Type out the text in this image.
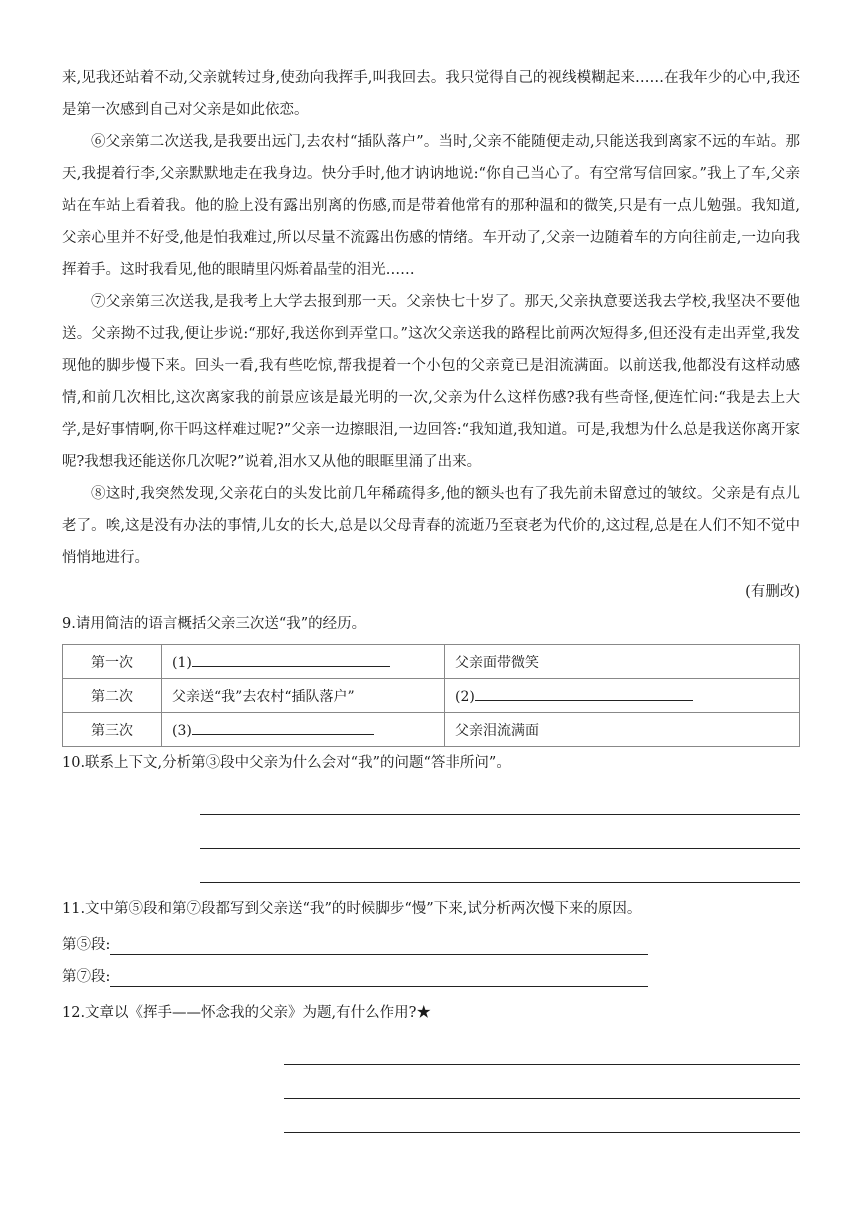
来,见我还站着不动,父亲就转过身,使劲向我挥手,叫我回去。我只觉得自己的视线模糊起来……在我年少的心中,我还是第一次感到自己对父亲是如此依恋。

⑥父亲第二次送我,是我要出远门,去农村“插队落户”。当时,父亲不能随便走动,只能送我到离家不远的车站。那天,我提着行李,父亲默默地走在我身边。快分手时,他才讷讷地说:“你自己当心了。有空常写信回家。”我上了车,父亲站在车站上看着我。他的脸上没有露出别离的伤感,而是带着他常有的那种温和的微笑,只是有一点儿勉强。我知道,父亲心里并不好受,他是怕我难过,所以尽量不流露出伤感的情绪。车开动了,父亲一边随着车的方向往前走,一边向我挥着手。这时我看见,他的眼睛里闪烁着晶莹的泪光……

⑦父亲第三次送我,是我考上大学去报到那一天。父亲快七十岁了。那天,父亲执意要送我去学校,我坚决不要他送。父亲拗不过我,便让步说:“那好,我送你到弄堂口。”这次父亲送我的路程比前两次短得多,但还没有走出弄堂,我发现他的脚步慢下来。回头一看,我有些吃惊,帮我提着一个小包的父亲竟已是泪流满面。以前送我,他都没有这样动感情,和前几次相比,这次离家我的前景应该是最光明的一次,父亲为什么这样伤感?我有些奇怪,便连忙问:“我是去上大学,是好事情啊,你干吗这样难过呢?”父亲一边擦眼泪,一边回答:“我知道,我知道。可是,我想为什么总是我送你离开家呢?我想我还能送你几次呢?”说着,泪水又从他的眼眶里涌了出来。

⑧这时,我突然发现,父亲花白的头发比前几年稀疏得多,他的额头也有了我先前未留意过的皱纹。父亲是有点儿老了。唉,这是没有办法的事情,儿女的长大,总是以父母青春的流逝乃至衰老为代价的,这过程,总是在人们不知不觉中悄悄地进行。

(有删改)

9.请用简洁的语言概括父亲三次送“我”的经历。

第一次	(1)	父亲面带微笑
第二次	父亲送“我”去农村“插队落户”	(2)
第三次	(3)	父亲泪流满面

10.联系上下文,分析第③段中父亲为什么会对“我”的问题“答非所问”。

11.文中第⑤段和第⑦段都写到父亲送“我”的时候脚步“慢”下来,试分析两次慢下来的原因。

第⑤段:
第⑦段:

12.文章以《挥手——怀念我的父亲》为题,有什么作用?★
